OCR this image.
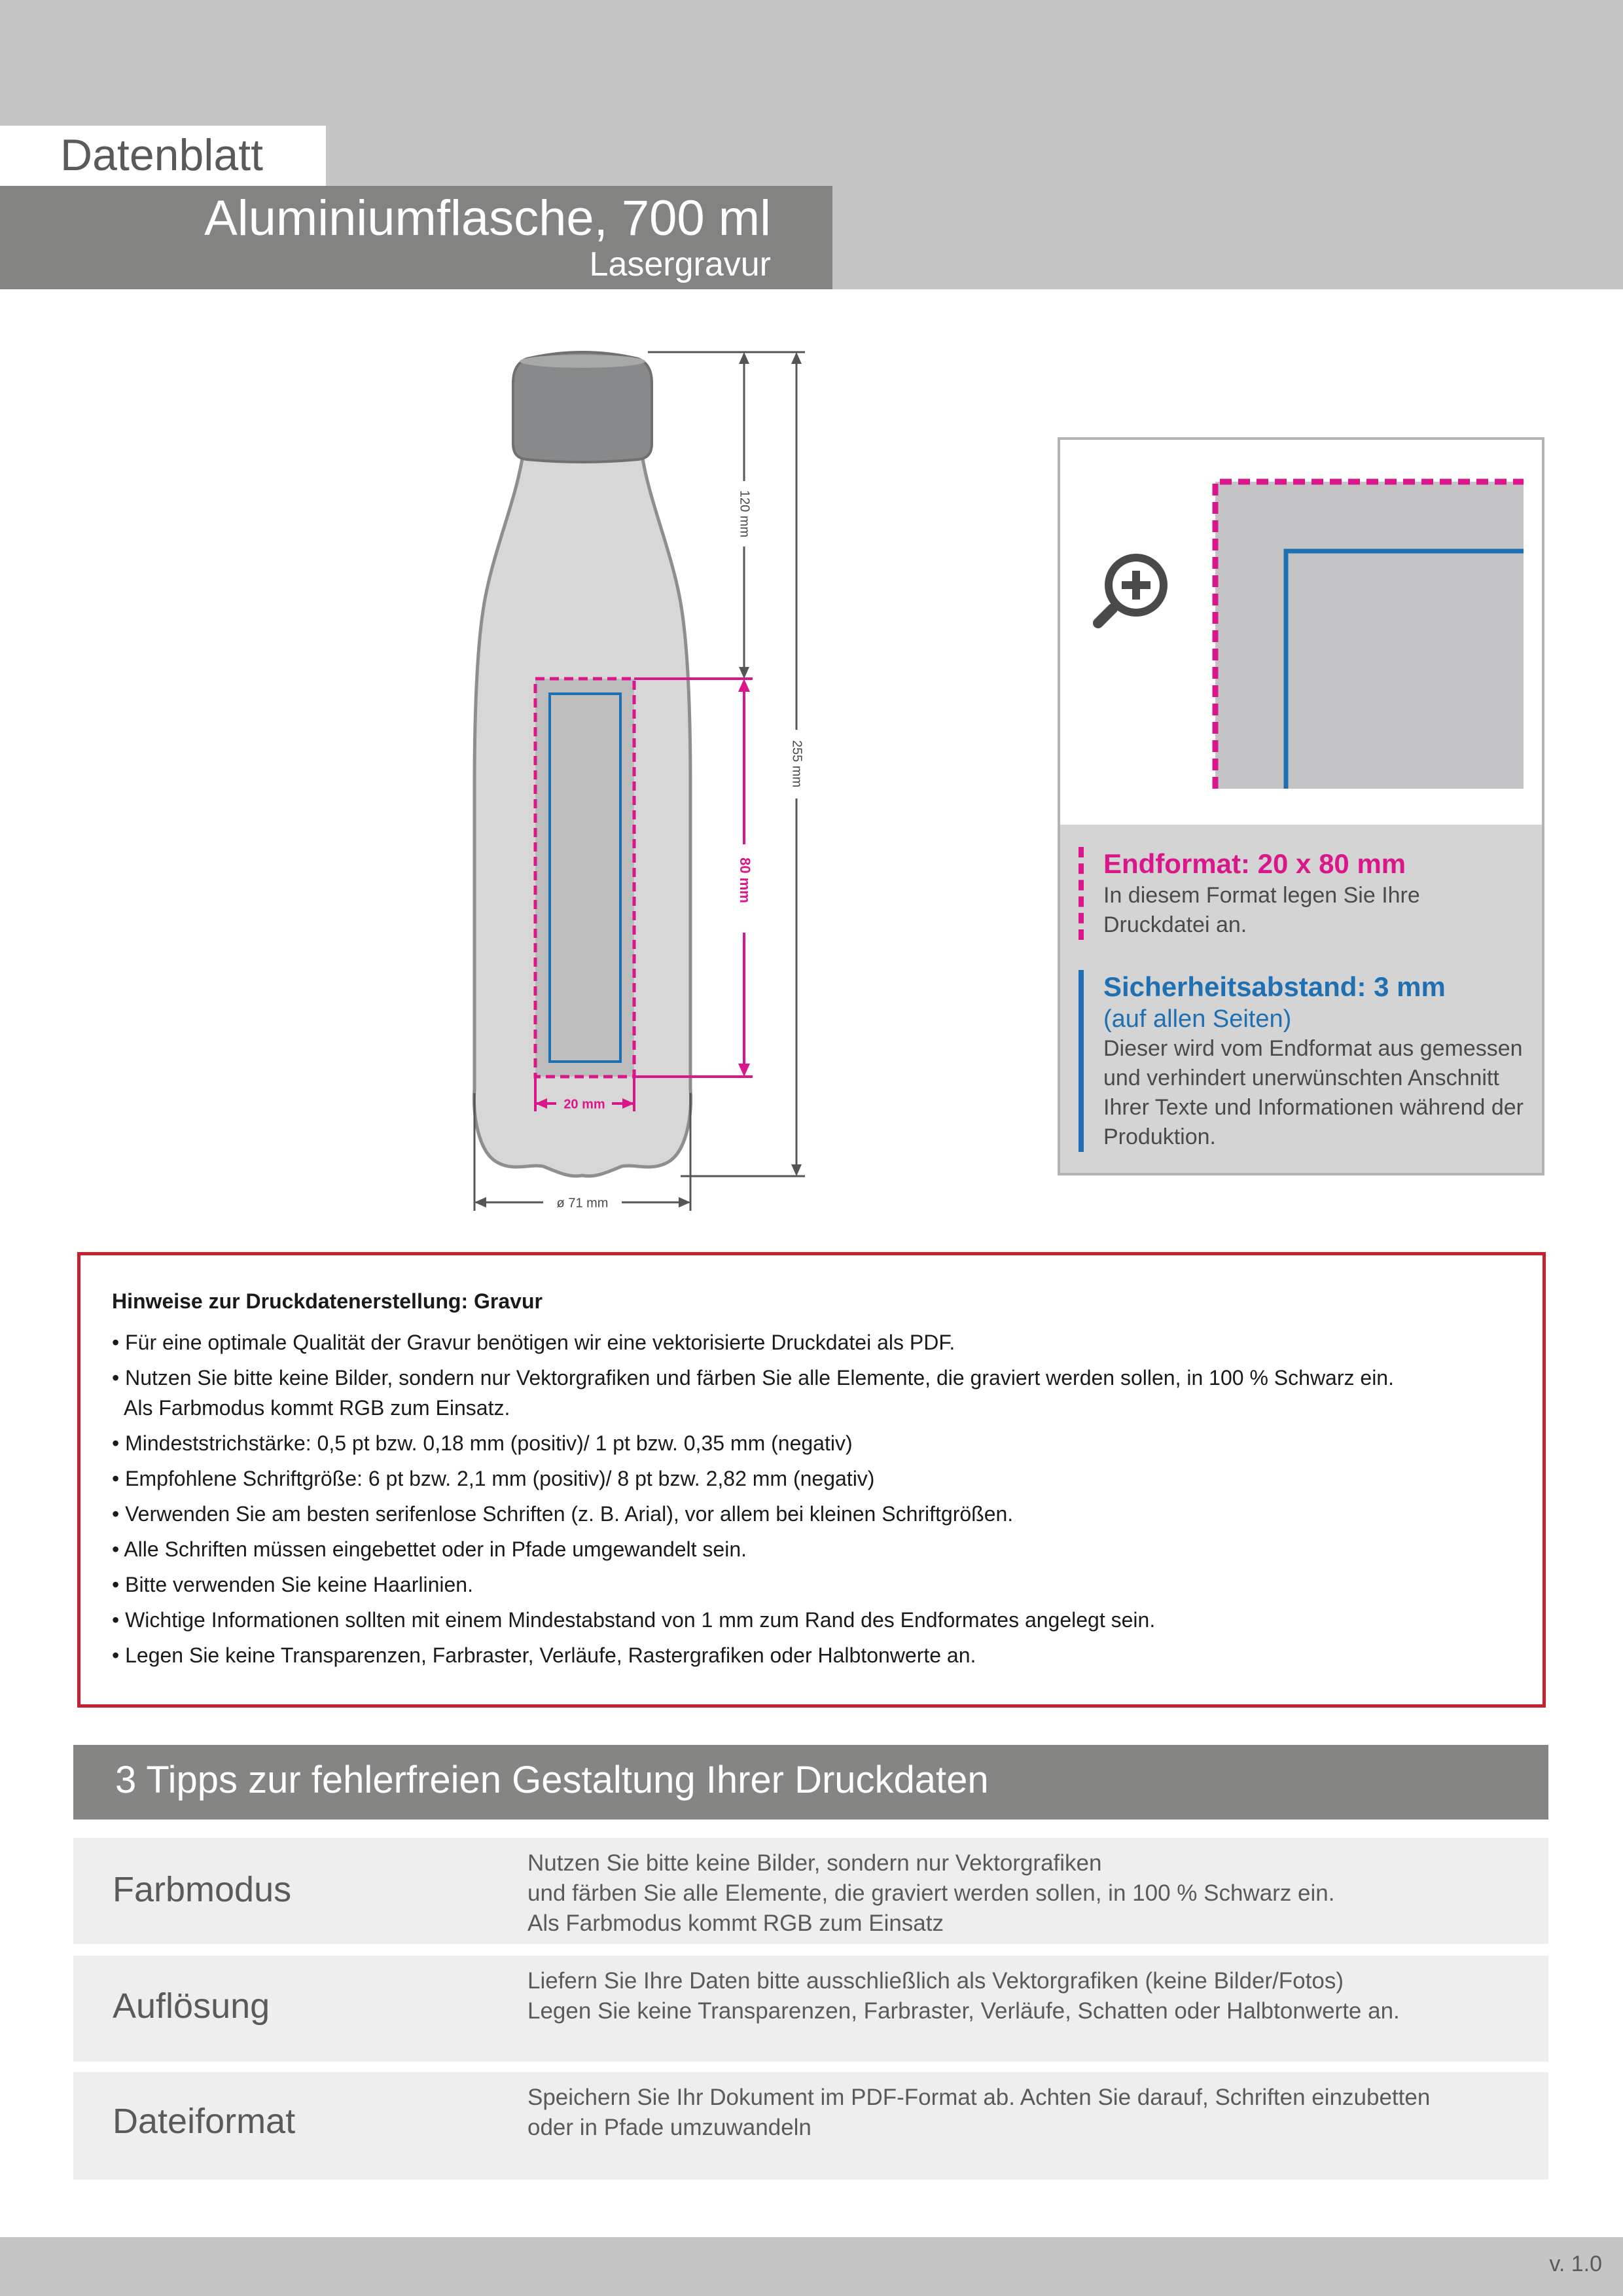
Datenblatt
Aluminiumflasche, 700 ml
Lasergravur
80 mm
20 mm
120 mm
255 mm
ø 71 mm
Endformat: 20 x 80 mm
In diesem Format legen Sie Ihre Druckdatei an.
Sicherheitsabstand: 3 mm
(auf allen Seiten)
Dieser wird vom Endformat aus gemessen und verhindert unerwünschten Anschnitt Ihrer Texte und Informationen während der Produktion.
Hinweise zur Druckdatenerstellung: Gravur
• Für eine optimale Qualität der Gravur benötigen wir eine vektorisierte Druckdatei als PDF.
• Nutzen Sie bitte keine Bilder, sondern nur Vektorgrafiken und färben Sie alle Elemente, die graviert werden sollen, in 100 % Schwarz ein.
Als Farbmodus kommt RGB zum Einsatz.
• Mindeststrichstärke: 0,5 pt bzw. 0,18 mm (positiv)/ 1 pt bzw. 0,35 mm (negativ)
• Empfohlene Schriftgröße: 6 pt bzw. 2,1 mm (positiv)/ 8 pt bzw. 2,82 mm (negativ)
• Verwenden Sie am besten serifenlose Schriften (z. B. Arial), vor allem bei kleinen Schriftgrößen.
• Alle Schriften müssen eingebettet oder in Pfade umgewandelt sein.
• Bitte verwenden Sie keine Haarlinien.
• Wichtige Informationen sollten mit einem Mindestabstand von 1 mm zum Rand des Endformates angelegt sein.
• Legen Sie keine Transparenzen, Farbraster, Verläufe, Rastergrafiken oder Halbtonwerte an.
3 Tipps zur fehlerfreien Gestaltung Ihrer Druckdaten
Farbmodus
Nutzen Sie bitte keine Bilder, sondern nur Vektorgrafiken
und färben Sie alle Elemente, die graviert werden sollen, in 100 % Schwarz ein.
Als Farbmodus kommt RGB zum Einsatz
Auflösung
Liefern Sie Ihre Daten bitte ausschließlich als Vektorgrafiken (keine Bilder/Fotos)
Legen Sie keine Transparenzen, Farbraster, Verläufe, Schatten oder Halbtonwerte an.
Dateiformat
Speichern Sie Ihr Dokument im PDF-Format ab. Achten Sie darauf, Schriften einzubetten
oder in Pfade umzuwandeln
v. 1.0
